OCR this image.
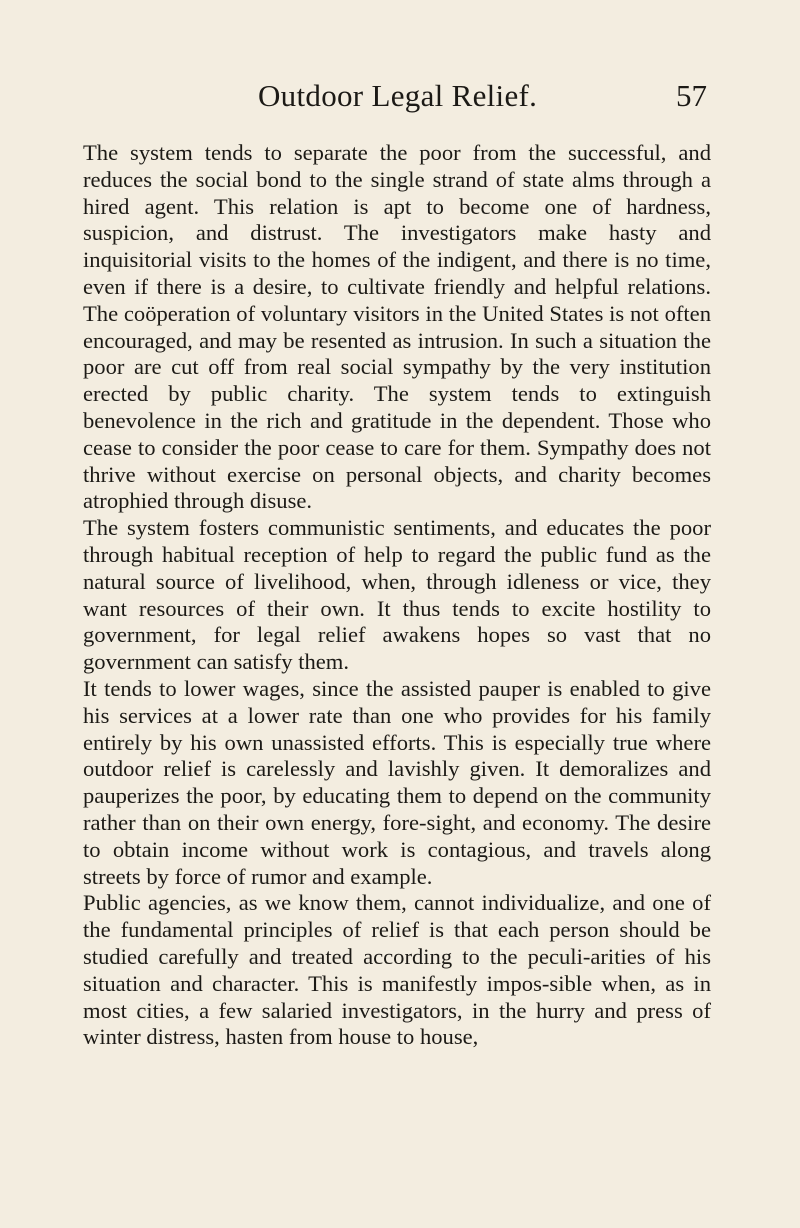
Outdoor Legal Relief.	57

The system tends to separate the poor from the successful, and reduces the social bond to the single strand of state alms through a hired agent. This relation is apt to become one of hardness, suspicion, and distrust. The investigators make hasty and inquisitorial visits to the homes of the indigent, and there is no time, even if there is a desire, to cultivate friendly and helpful relations. The coöperation of voluntary visitors in the United States is not often encouraged, and may be resented as intrusion. In such a situation the poor are cut off from real social sympathy by the very institution erected by public charity. The system tends to extinguish benevolence in the rich and gratitude in the dependent. Those who cease to consider the poor cease to care for them. Sympathy does not thrive without exercise on personal objects, and charity becomes atrophied through disuse.

The system fosters communistic sentiments, and educates the poor through habitual reception of help to regard the public fund as the natural source of livelihood, when, through idleness or vice, they want resources of their own. It thus tends to excite hostility to government, for legal relief awakens hopes so vast that no government can satisfy them.

It tends to lower wages, since the assisted pauper is enabled to give his services at a lower rate than one who provides for his family entirely by his own unassisted efforts. This is especially true where outdoor relief is carelessly and lavishly given. It demoralizes and pauperizes the poor, by educating them to depend on the community rather than on their own energy, fore-sight, and economy. The desire to obtain income without work is contagious, and travels along streets by force of rumor and example.

Public agencies, as we know them, cannot individualize, and one of the fundamental principles of relief is that each person should be studied carefully and treated according to the peculi-arities of his situation and character. This is manifestly impos-sible when, as in most cities, a few salaried investigators, in the hurry and press of winter distress, hasten from house to house,
